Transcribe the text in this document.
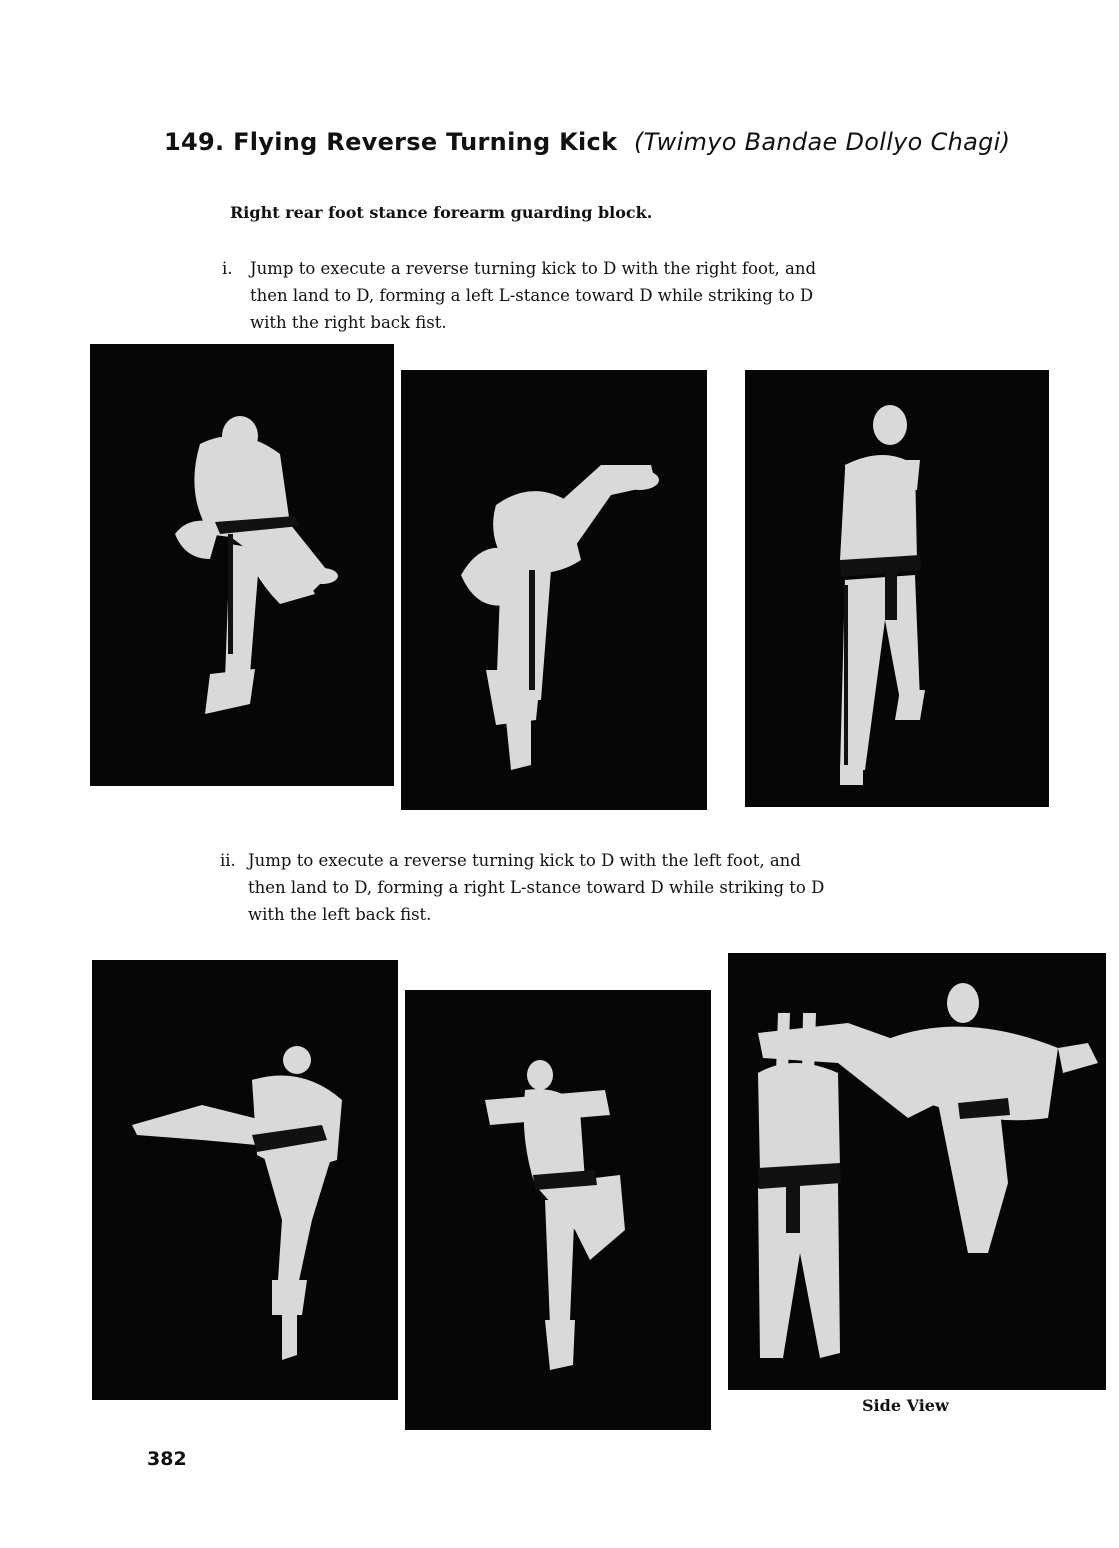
149. Flying Reverse Turning Kick (Twimyo Bandae Dollyo Chagi)
Right rear foot stance forearm guarding block.
i. Jump to execute a reverse turning kick to D with the right foot, and
then land to D, forming a left L-stance toward D while striking to D
with the right back fist.
ii. Jump to execute a reverse turning kick to D with the left foot, and
then land to D, forming a right L-stance toward D while striking to D
with the left back fist.
Side View
382
